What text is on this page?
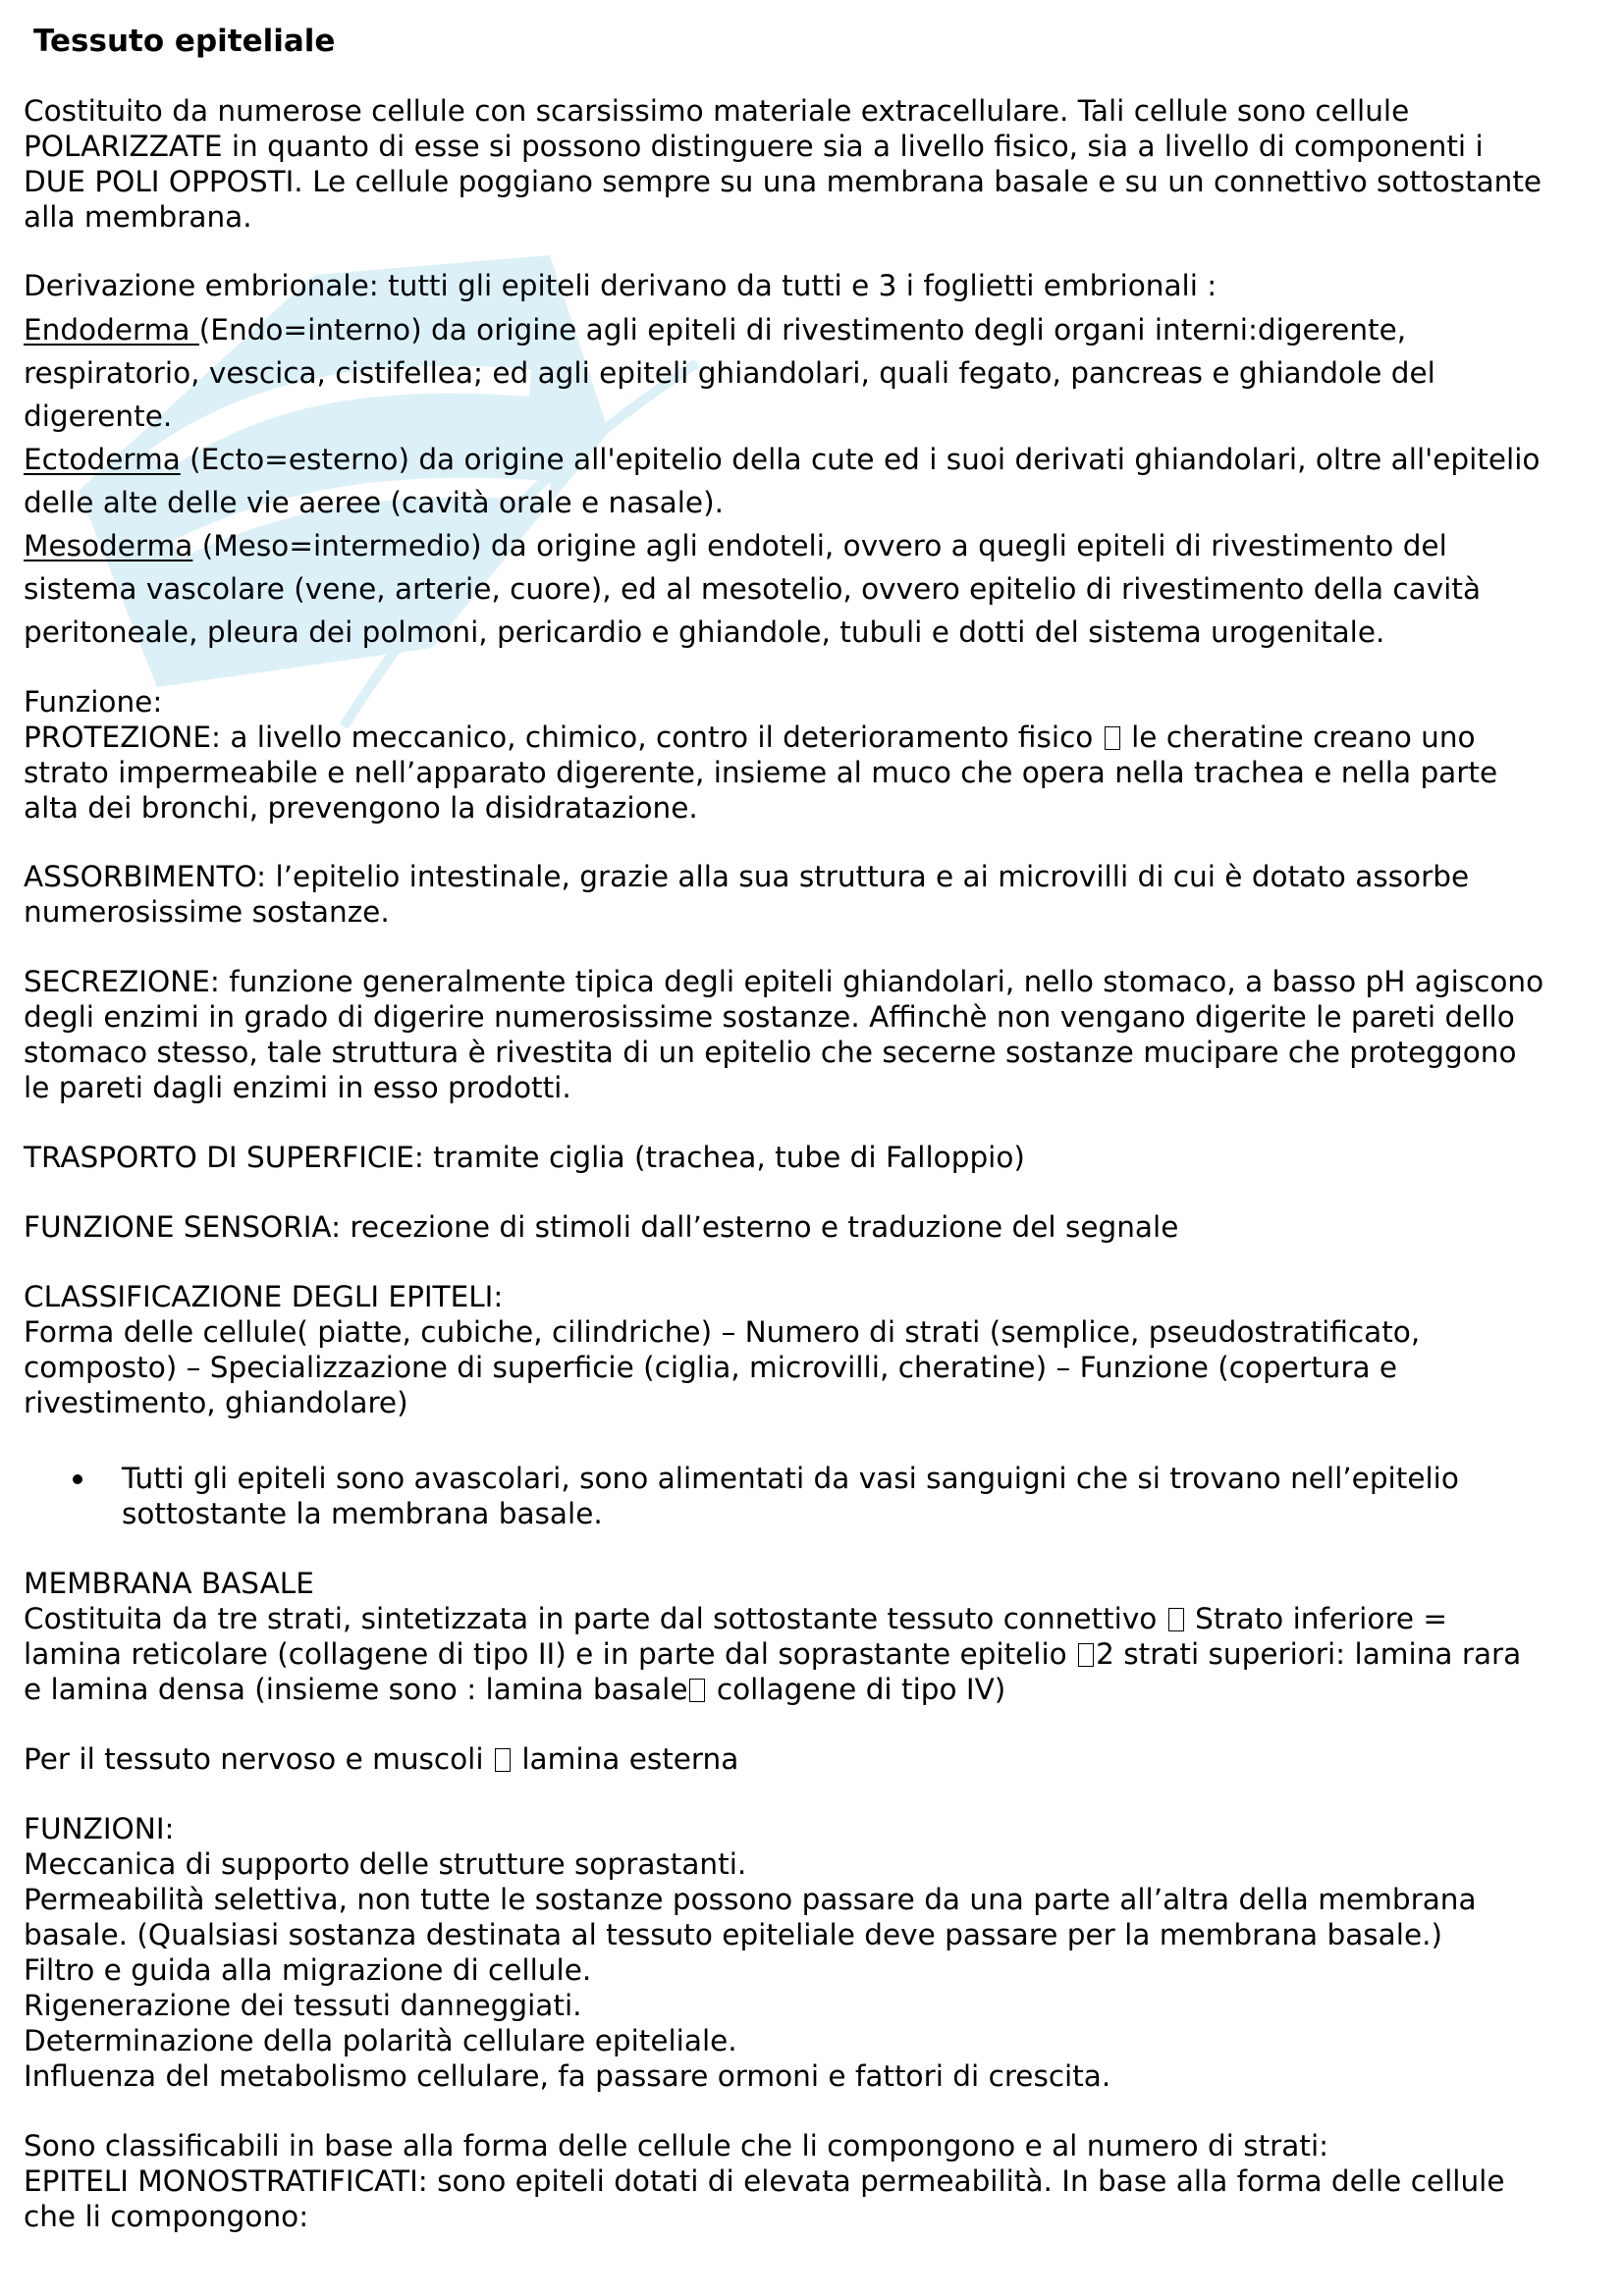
Tessuto epiteliale
Costituito da numerose cellule con scarsissimo materiale extracellulare. Tali cellule sono cellule
POLARIZZATE in quanto di esse si possono distinguere sia a livello fisico, sia a livello di componenti i
DUE POLI OPPOSTI. Le cellule poggiano sempre su una membrana basale e su un connettivo sottostante
alla membrana.
Derivazione embrionale: tutti gli epiteli derivano da tutti e 3 i foglietti embrionali :
Endoderma (Endo=interno) da origine agli epiteli di rivestimento degli organi interni:digerente,
respiratorio, vescica, cistifellea; ed agli epiteli ghiandolari, quali fegato, pancreas e ghiandole del
digerente.
Ectoderma (Ecto=esterno) da origine all'epitelio della cute ed i suoi derivati ghiandolari, oltre all'epitelio
delle alte delle vie aeree (cavità orale e nasale).
Mesoderma (Meso=intermedio) da origine agli endoteli, ovvero a quegli epiteli di rivestimento del
sistema vascolare (vene, arterie, cuore), ed al mesotelio, ovvero epitelio di rivestimento della cavità
peritoneale, pleura dei polmoni, pericardio e ghiandole, tubuli e dotti del sistema urogenitale.
Funzione:
PROTEZIONE: a livello meccanico, chimico, contro il deterioramento fisico  le cheratine creano uno
strato impermeabile e nell’apparato digerente, insieme al muco che opera nella trachea e nella parte
alta dei bronchi, prevengono la disidratazione.
ASSORBIMENTO: l’epitelio intestinale, grazie alla sua struttura e ai microvilli di cui è dotato assorbe
numerosissime sostanze.
SECREZIONE: funzione generalmente tipica degli epiteli ghiandolari, nello stomaco, a basso pH agiscono
degli enzimi in grado di digerire numerosissime sostanze. Affinchè non vengano digerite le pareti dello
stomaco stesso, tale struttura è rivestita di un epitelio che secerne sostanze mucipare che proteggono
le pareti dagli enzimi in esso prodotti.
TRASPORTO DI SUPERFICIE: tramite ciglia (trachea, tube di Falloppio)
FUNZIONE SENSORIA: recezione di stimoli dall’esterno e traduzione del segnale
CLASSIFICAZIONE DEGLI EPITELI:
Forma delle cellule( piatte, cubiche, cilindriche) – Numero di strati (semplice, pseudostratificato,
composto) – Specializzazione di superficie (ciglia, microvilli, cheratine) – Funzione (copertura e
rivestimento, ghiandolare)
Tutti gli epiteli sono avascolari, sono alimentati da vasi sanguigni che si trovano nell’epitelio
sottostante la membrana basale.
MEMBRANA BASALE
Costituita da tre strati, sintetizzata in parte dal sottostante tessuto connettivo  Strato inferiore =
lamina reticolare (collagene di tipo II) e in parte dal soprastante epitelio 2 strati superiori: lamina rara
e lamina densa (insieme sono : lamina basale collagene di tipo IV)
Per il tessuto nervoso e muscoli  lamina esterna
FUNZIONI:
Meccanica di supporto delle strutture soprastanti.
Permeabilità selettiva, non tutte le sostanze possono passare da una parte all’altra della membrana
basale. (Qualsiasi sostanza destinata al tessuto epiteliale deve passare per la membrana basale.)
Filtro e guida alla migrazione di cellule.
Rigenerazione dei tessuti danneggiati.
Determinazione della polarità cellulare epiteliale.
Influenza del metabolismo cellulare, fa passare ormoni e fattori di crescita.
Sono classificabili in base alla forma delle cellule che li compongono e al numero di strati:
EPITELI MONOSTRATIFICATI: sono epiteli dotati di elevata permeabilità. In base alla forma delle cellule
che li compongono:
